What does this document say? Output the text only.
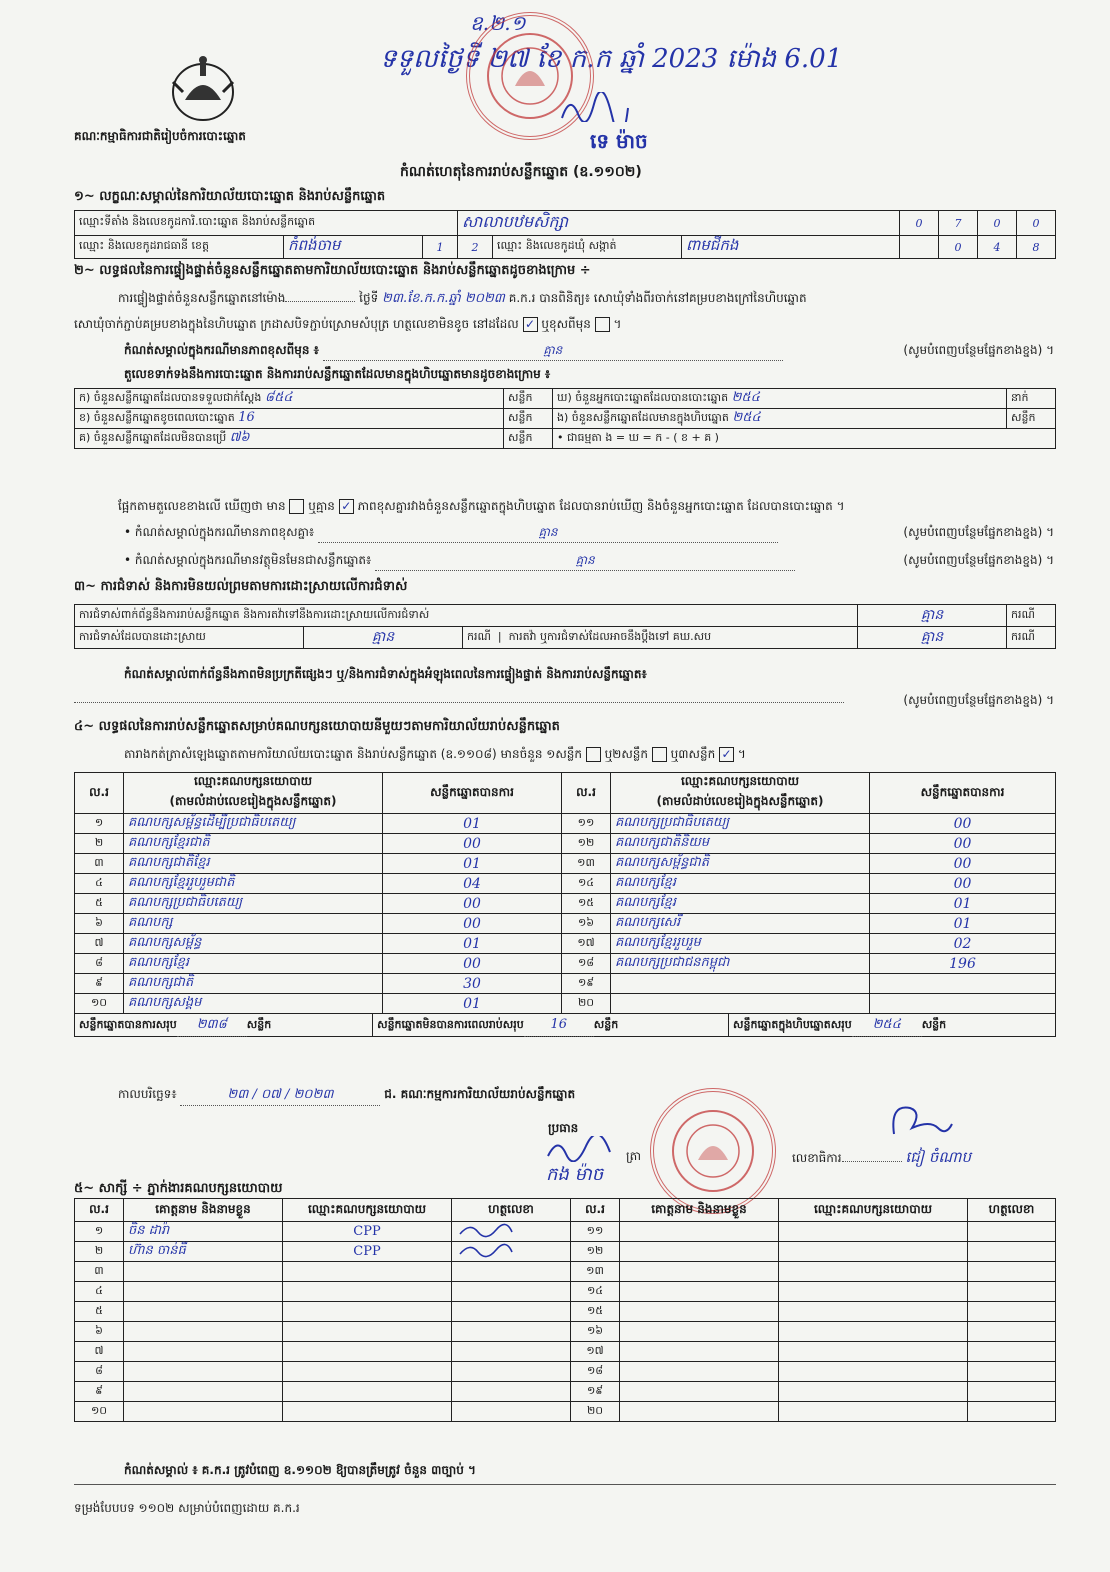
គណៈកម្មាធិការជាតិរៀបចំការបោះឆ្នោត
ឧ.២.១
ទទួលថ្ងៃទី ២៧ ខែ ក.ក ឆ្នាំ 2023 ម៉ោង 6.01
ទេ ម៉ាច
កំណត់ហេតុនៃការរាប់សន្លឹកឆ្នោត (ឧ.១១០២)
១~ លក្ខណៈសម្គាល់នៃការិយាល័យបោះឆ្នោត និងរាប់សន្លឹកឆ្នោត
ឈ្មោះទីតាំង និងលេខកូដការិ.បោះឆ្នោត និងរាប់សន្លឹកឆ្នោត			សាលាបឋមសិក្សា			0	7	0	0
ឈ្មោះ និងលេខកូដរាជធានី ខេត្ត	កំពង់ចាម	1	2	ឈ្មោះ និងលេខកូដឃុំ សង្កាត់	ពាមជីកង		0	4	8
២~ លទ្ធផលនៃការផ្ទៀងផ្ទាត់ចំនួនសន្លឹកឆ្នោតតាមការិយាល័យបោះឆ្នោត និងរាប់សន្លឹកឆ្នោតដូចខាងក្រោម ÷
ការផ្ទៀងផ្ទាត់ចំនួនសន្លឹកឆ្នោតនៅម៉ោង	ថ្ងៃទី ២៣.ខែ.ក.ក.ឆ្នាំ ២០២៣ គ.ក.រ បានពិនិត្យ៖ សោឃុំទាំងពីរចាក់នៅគម្របខាងក្រៅនៃហិបឆ្នោត
សោឃុំចាក់ភ្ជាប់គម្របខាងក្នុងនៃហិបឆ្នោត ក្រដាសបិទភ្ជាប់ស្រោមសំបុត្រ ហត្ថលេខាមិនខូច នៅដដែល ✓ ឬខុសពីមុន  ។
កំណត់សម្គាល់ក្នុងករណីមានភាពខុសពីមុន ៖	គ្មាន	(សូមបំពេញបន្ថែមផ្នែកខាងខ្នង) ។
តួលេខទាក់ទងនឹងការបោះឆ្នោត និងការរាប់សន្លឹកឆ្នោតដែលមានក្នុងហិបឆ្នោតមានដូចខាងក្រោម ៖
ក) ចំនួនសន្លឹកឆ្នោតដែលបានទទួលជាក់ស្តែង ៨៥៤	សន្លឹក	ឃ) ចំនួនអ្នកបោះឆ្នោតដែលបានបោះឆ្នោត ២៥៤	នាក់
ខ) ចំនួនសន្លឹកឆ្នោតខូចពេលបោះឆ្នោត 16	សន្លឹក	ង) ចំនួនសន្លឹកឆ្នោតដែលមានក្នុងហិបឆ្នោត ២៥៤	សន្លឹក
គ) ចំនួនសន្លឹកឆ្នោតដែលមិនបានប្រើ ៧៦	សន្លឹក	• ជាធម្មតា ង = ឃ = ក - ( ខ + គ )	
ផ្អែកតាមតួលេខខាងលើ ឃើញថា មាន ឬគ្មាន ✓ ភាពខុសគ្នារវាងចំនួនសន្លឹកឆ្នោតក្នុងហិបឆ្នោត ដែលបានរាប់ឃើញ និងចំនួនអ្នកបោះឆ្នោត ដែលបានបោះឆ្នោត ។
• កំណត់សម្គាល់ក្នុងករណីមានភាពខុសគ្នា៖	គ្មាន	(សូមបំពេញបន្ថែមផ្នែកខាងខ្នង) ។
• កំណត់សម្គាល់ក្នុងករណីមានវត្ថុមិនមែនជាសន្លឹកឆ្នោត៖	គ្មាន	(សូមបំពេញបន្ថែមផ្នែកខាងខ្នង) ។
៣~ ការជំទាស់ និងការមិនយល់ព្រមតាមការដោះស្រាយលើការជំទាស់
ការជំទាស់ពាក់ព័ន្ធនឹងការរាប់សន្លឹកឆ្នោត និងការតវ៉ាទៅនឹងការដោះស្រាយលើការជំទាស់			គ្មាន	ករណី
ការជំទាស់ដែលបានដោះស្រាយ	គ្មាន	ករណី  |  ការតវ៉ា ឬការជំទាស់ដែលអាចនឹងប្តឹងទៅ គឃ.សប	គ្មាន	ករណី
កំណត់សម្គាល់ពាក់ព័ន្ធនឹងភាពមិនប្រក្រតីផ្សេងៗ ឬ/និងការជំទាស់ក្នុងអំឡុងពេលនៃការផ្ទៀងផ្ទាត់ និងការរាប់សន្លឹកឆ្នោត៖
(សូមបំពេញបន្ថែមផ្នែកខាងខ្នង) ។
៤~ លទ្ធផលនៃការរាប់សន្លឹកឆ្នោតសម្រាប់គណបក្សនយោបាយនីមួយៗតាមការិយាល័យរាប់សន្លឹកឆ្នោត
តារាងកត់ត្រាសំឡេងឆ្នោតតាមការិយាល័យបោះឆ្នោត និងរាប់សន្លឹកឆ្នោត (ឧ.១១០៨) មានចំនួន ១សន្លឹក ឬ២សន្លឹក ឬ៣សន្លឹក ✓ ។
ល.រ	ឈ្មោះគណបក្សនយោបាយ	សន្លឹកឆ្នោតបានការ	ល.រ	ឈ្មោះគណបក្សនយោបាយ	សន្លឹកឆ្នោតបានការ
	(តាមលំដាប់លេខរៀងក្នុងសន្លឹកឆ្នោត)			(តាមលំដាប់លេខរៀងក្នុងសន្លឹកឆ្នោត)	
១	គណបក្សសម្ព័ន្ធដើម្បីប្រជាធិបតេយ្យ	01	១១	គណបក្សប្រជាធិបតេយ្យ	00
២	គណបក្សខ្មែរជាតិ	00	១២	គណបក្សជាតិនិយម	00
៣	គណបក្សជាតិខ្មែរ	01	១៣	គណបក្សសម្ព័ន្ធជាតិ	00
៤	គណបក្សខ្មែររួបរួមជាតិ	04	១៤	គណបក្សខ្មែរ	00
៥	គណបក្សប្រជាធិបតេយ្យ	00	១៥	គណបក្សខ្មែរ	01
៦	គណបក្ស	00	១៦	គណបក្សសេរី	01
៧	គណបក្សសម្ព័ន្ធ	01	១៧	គណបក្សខ្មែររួបរួម	02
៨	គណបក្សខ្មែរ	00	១៨	គណបក្សប្រជាជនកម្ពុជា	196
៩	គណបក្សជាតិ	30	១៩		
១០	គណបក្សសង្គម	01	២០		

សន្លឹកឆ្នោតបានការសរុប ២៣៨ សន្លឹក សន្លឹកឆ្នោតមិនបានការពេលរាប់សរុប 16 សន្លឹក សន្លឹកឆ្នោតក្នុងហិបឆ្នោតសរុប ២៥៤ សន្លឹក					
កាលបរិច្ឆេទ៖	២៣ / ០៧ / ២០២៣	ជ. គណៈកម្មការការិយាល័យរាប់សន្លឹកឆ្នោត
ប្រធាន
កង ម៉ាច
ត្រា	លេខាធិការ	ជៀ ចំណាប
៥~ សាក្សី ÷ ភ្នាក់ងារគណបក្សនយោបាយ
ល.រ	គោត្តនាម និងនាមខ្លួន	ឈ្មោះគណបក្សនយោបាយ	ហត្ថលេខា	ល.រ	គោត្តនាម និងនាមខ្លួន	ឈ្មោះគណបក្សនយោបាយ	ហត្ថលេខា
១	ចិន ដារ៉ា	CPP		១១			
២	ហ៊ាន ចាន់ធី	CPP		១២			
៣				១៣			
៤				១៤			
៥				១៥			
៦				១៦			
៧				១៧			
៨				១៨			
៩				១៩			
១០				២០			
កំណត់សម្គាល់ ៖ គ.ក.រ ត្រូវបំពេញ ឧ.១១០២ ឱ្យបានត្រឹមត្រូវ ចំនួន ៣ច្បាប់ ។
ទម្រង់បែបបទ ១១០២ សម្រាប់បំពេញដោយ គ.ក.រ
